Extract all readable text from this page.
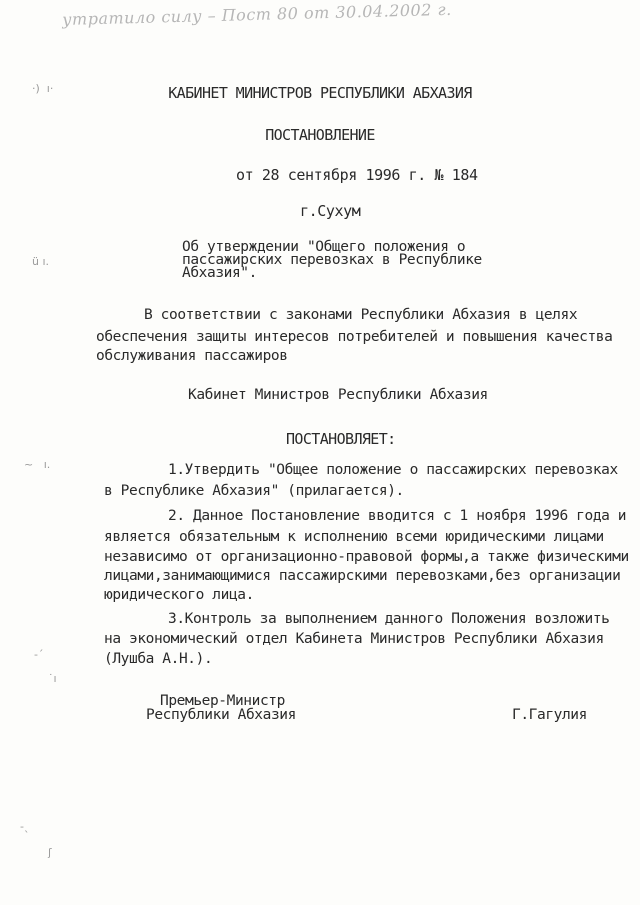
утратило силу – Пост 80 от 30.04.2002 г.
·)  ı·
ü ı.
~   ı.
-ˊ
˙ı
-ˎ
ʃ
КАБИНЕТ МИНИСТРОВ РЕСПУБЛИКИ АБХАЗИЯ
ПОСТАНОВЛЕНИЕ
от 28 сентября 1996 г. № 184
г.Сухум
Об утверждении "Общего положения о
пассажирских перевозках в Республике
Абхазия".
В соответствии с законами Республики Абхазия в целях
обеспечения защиты интересов потребителей и повышения качества
обслуживания пассажиров
Кабинет Министров Республики Абхазия
ПОСТАНОВЛЯЕТ:
1.Утвердить "Общее положение о пассажирских перевозках
в Республике Абхазия" (прилагается).
2. Данное Постановление вводится с 1 ноября 1996 года и
является обязательным к исполнению всеми юридическими лицами
независимо от организационно-правовой формы,а также физическими
лицами,занимающимися пассажирскими перевозками,без организации
юридического лица.
3.Контроль за выполнением данного Положения возложить
на экономический отдел Кабинета Министров Республики Абхазия
(Лушба А.Н.).
Премьер-Министр
Республики Абхазия	Г.Гагулия
